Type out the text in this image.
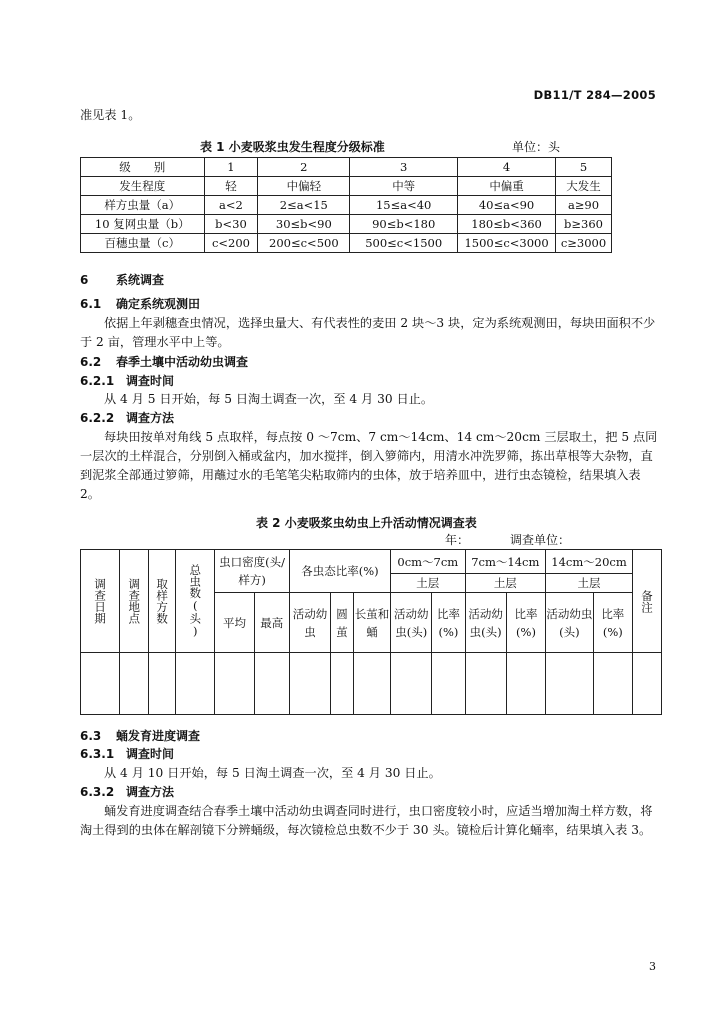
DB11/T 284—2005
准见表 1。
表 1 小麦吸浆虫发生程度分级标准	单位：头
级　　别	1	2	3	4	5
发生程度	轻	中偏轻	中等	中偏重	大发生
样方虫量（a）	a<2	2≤a<15	15≤a<40	40≤a<90	a≥90
10 复网虫量（b）	b<30	30≤b<90	90≤b<180	180≤b<360	b≥360
百穗虫量（c）	c<200	200≤c<500	500≤c<1500	1500≤c<3000	c≥3000
6 系统调查
6.1 确定系统观测田
依据上年剥穗查虫情况，选择虫量大、有代表性的麦田 2 块～3 块，定为系统观测田，每块田面积不少于 2 亩，管理水平中上等。
6.2 春季土壤中活动幼虫调查
6.2.1 调查时间
从 4 月 5 日开始，每 5 日淘土调查一次，至 4 月 30 日止。
6.2.2 调查方法
每块田按单对角线 5 点取样，每点按 0 ～7cm、7 cm～14cm、14 cm～20cm 三层取土，把 5 点同一层次的土样混合，分别倒入桶或盆内，加水搅拌，倒入箩筛内，用清水冲洗罗筛，拣出草根等大杂物，直到泥浆全部通过箩筛，用蘸过水的毛笔笔尖粘取筛内的虫体，放于培养皿中，进行虫态镜检，结果填入表 2。
表 2 小麦吸浆虫幼虫上升活动情况调查表
年：	调查单位：
调查日期	调查地点	取样方数	总虫数(头)	虫口密度(头/样方)		各虫态比率(%)			0cm～7cm		7cm～14cm		14cm～20cm		备注
									土层		土层		土层		
				平均	最高	活动幼虫	圆茧	长茧和蛹	活动幼虫(头)	比率(%)	活动幼虫(头)	比率(%)	活动幼虫(头)	比率(%)	

6.3 蛹发育进度调查
6.3.1 调查时间
从 4 月 10 日开始，每 5 日淘土调查一次，至 4 月 30 日止。
6.3.2 调查方法
蛹发育进度调查结合春季土壤中活动幼虫调查同时进行，虫口密度较小时，应适当增加淘土样方数，将淘土得到的虫体在解剖镜下分辨蛹级，每次镜检总虫数不少于 30 头。镜检后计算化蛹率，结果填入表 3。
3
